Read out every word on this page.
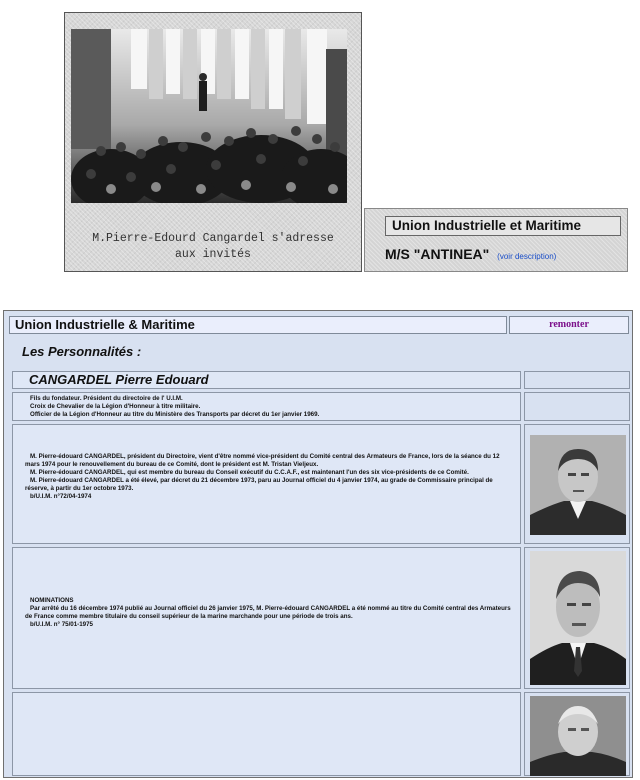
M.Pierre-Edourd Cangardel s'adresse
aux invités
Union Industrielle et Maritime
M/S "ANTINEA" (voir description)
Union Industrielle & Maritime	remonter
Les Personnalités :
CANGARDEL Pierre Edouard
Fils du fondateur. Président du directoire de l' U.I.M.
Croix de Chevalier de la Légion d'Honneur à titre militaire.
Officier de la Légion d'Honneur au titre du Ministère des Transports par décret du 1er janvier 1969.

M. Pierre-édouard CANGARDEL, président du Directoire, vient d'être nommé vice-président du Comité central des Armateurs de France, lors de la séance du 12 mars 1974 pour le renouvellement du bureau de ce Comité, dont le président est M. Tristan Vieljeux.

M. Pierre-édouard CANGARDEL, qui est membre du bureau du Conseil exécutif du C.C.A.F., est maintenant l'un des six vice-présidents de ce Comité.

M. Pierre-édouard CANGARDEL a été élevé, par décret du 21 décembre 1973, paru au Journal officiel du 4 janvier 1974, au grade de Commissaire principal de réserve, à partir du 1er octobre 1973.

b/U.I.M. n°72/04-1974

NOMINATIONS

Par arrêté du 16 décembre 1974 publié au Journal officiel du 26 janvier 1975, M. Pierre-édouard CANGARDEL a été nommé au titre du Comité central des Armateurs de France comme membre titulaire du conseil supérieur de la marine marchande pour une période de trois ans.

b/U.I.M. n° 75/01-1975
